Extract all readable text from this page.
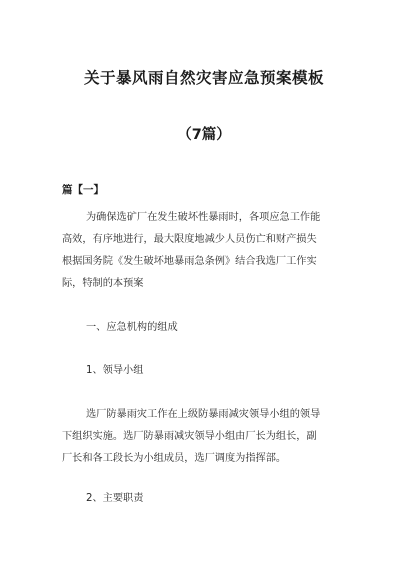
关于暴风雨自然灾害应急预案模板
（7篇）
篇【一】
为确保选矿厂在发生破坏性暴雨时，各项应急工作能
高效，有序地进行，最大限度地减少人员伤亡和财产损失
根据国务院《发生破坏地暴雨急条例》结合我选厂工作实
际，特制的本预案
一、应急机构的组成
1、领导小组
选厂防暴雨灾工作在上级防暴雨减灾领导小组的领导
下组织实施。选厂防暴雨减灾领导小组由厂长为组长，副
厂长和各工段长为小组成员，选厂调度为指挥部。
2、主要职责
